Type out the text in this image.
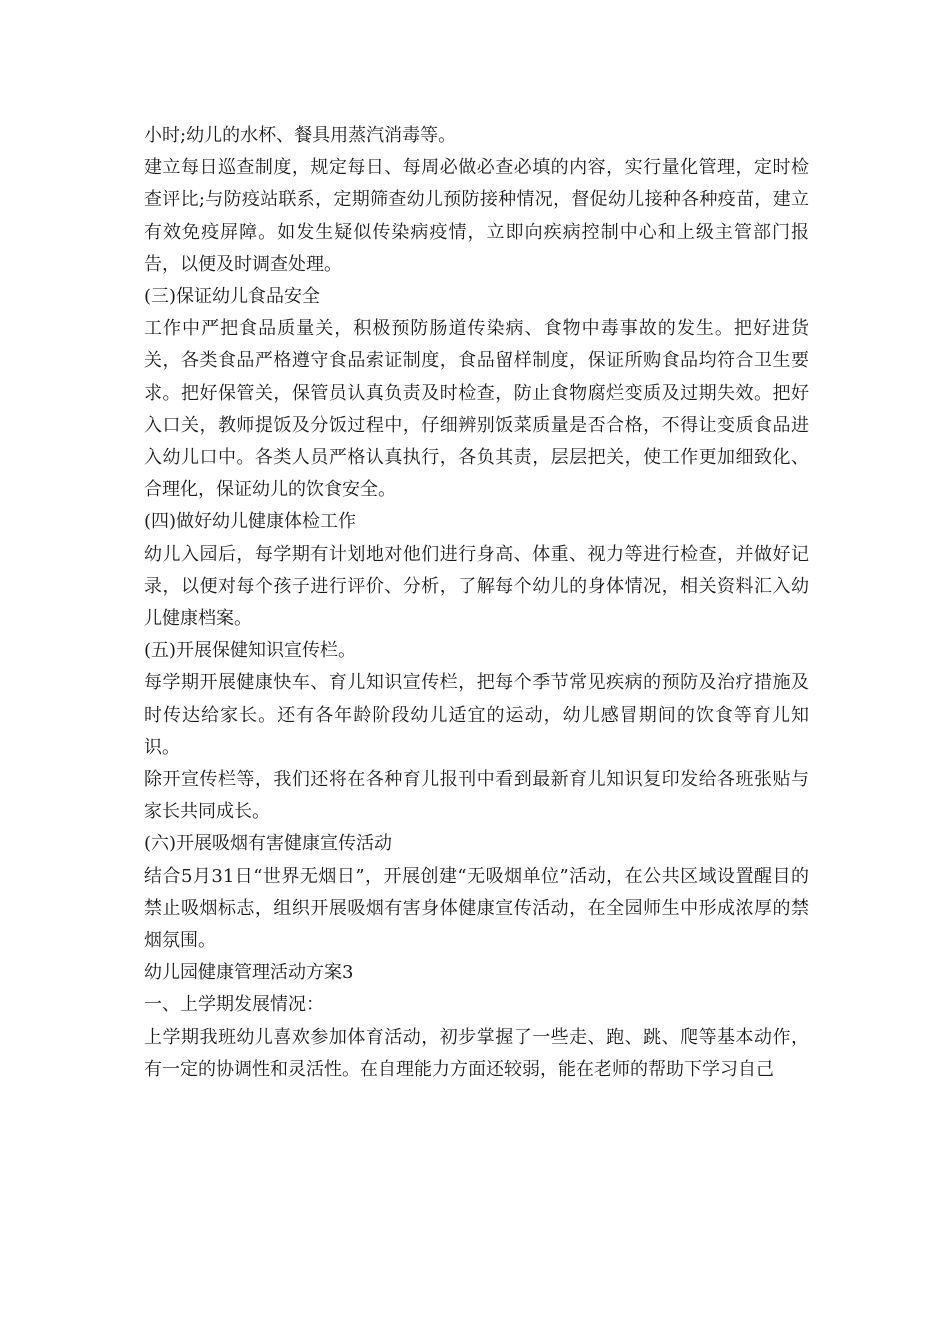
小时;幼儿的水杯、餐具用蒸汽消毒等。

建立每日巡查制度，规定每日、每周必做必查必填的内容，实行量化管理，定时检查评比;与防疫站联系，定期筛查幼儿预防接种情况，督促幼儿接种各种疫苗，建立有效免疫屏障。如发生疑似传染病疫情，立即向疾病控制中心和上级主管部门报告，以便及时调查处理。

(三)保证幼儿食品安全

工作中严把食品质量关，积极预防肠道传染病、食物中毒事故的发生。把好进货关，各类食品严格遵守食品索证制度，食品留样制度，保证所购食品均符合卫生要求。把好保管关，保管员认真负责及时检查，防止食物腐烂变质及过期失效。把好入口关，教师提饭及分饭过程中，仔细辨别饭菜质量是否合格，不得让变质食品进入幼儿口中。各类人员严格认真执行，各负其责，层层把关，使工作更加细致化、合理化，保证幼儿的饮食安全。

(四)做好幼儿健康体检工作

幼儿入园后，每学期有计划地对他们进行身高、体重、视力等进行检查，并做好记录，以便对每个孩子进行评价、分析，了解每个幼儿的身体情况，相关资料汇入幼儿健康档案。

(五)开展保健知识宣传栏。

每学期开展健康快车、育儿知识宣传栏，把每个季节常见疾病的预防及治疗措施及时传达给家长。还有各年龄阶段幼儿适宜的运动，幼儿感冒期间的饮食等育儿知识。

除开宣传栏等，我们还将在各种育儿报刊中看到最新育儿知识复印发给各班张贴与家长共同成长。

(六)开展吸烟有害健康宣传活动

结合5月31日“世界无烟日”，开展创建“无吸烟单位”活动，在公共区域设置醒目的禁止吸烟标志，组织开展吸烟有害身体健康宣传活动，在全园师生中形成浓厚的禁烟氛围。

幼儿园健康管理活动方案3

一、上学期发展情况：

上学期我班幼儿喜欢参加体育活动，初步掌握了一些走、跑、跳、爬等基本动作，有一定的协调性和灵活性。在自理能力方面还较弱，能在老师的帮助下学习自己
